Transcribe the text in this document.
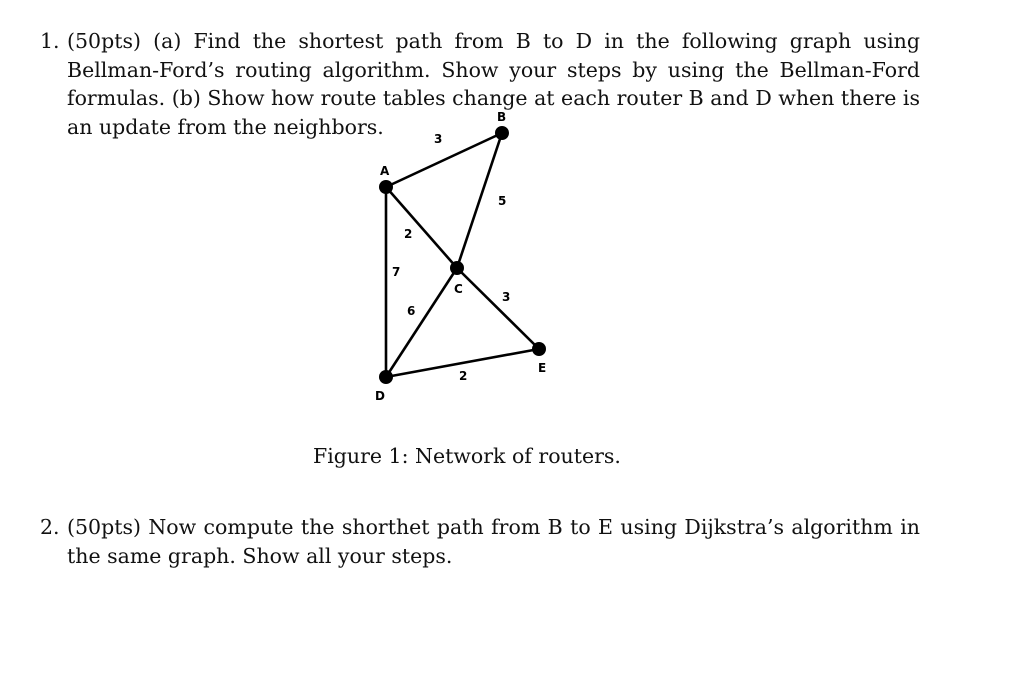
1. (50pts) (a) Find the shortest path from B to D in the following graph using Bellman-Ford’s routing algorithm. Show your steps by using the Bellman-Ford formulas. (b) Show how route tables change at each router B and D when there is an update from the neighbors.
A
B
C
D
E
3
5
2
7
6
3
2
Figure 1: Network of routers.
2. (50pts) Now compute the shorthet path from B to E using Dijkstra’s algorithm in the same graph. Show all your steps.
